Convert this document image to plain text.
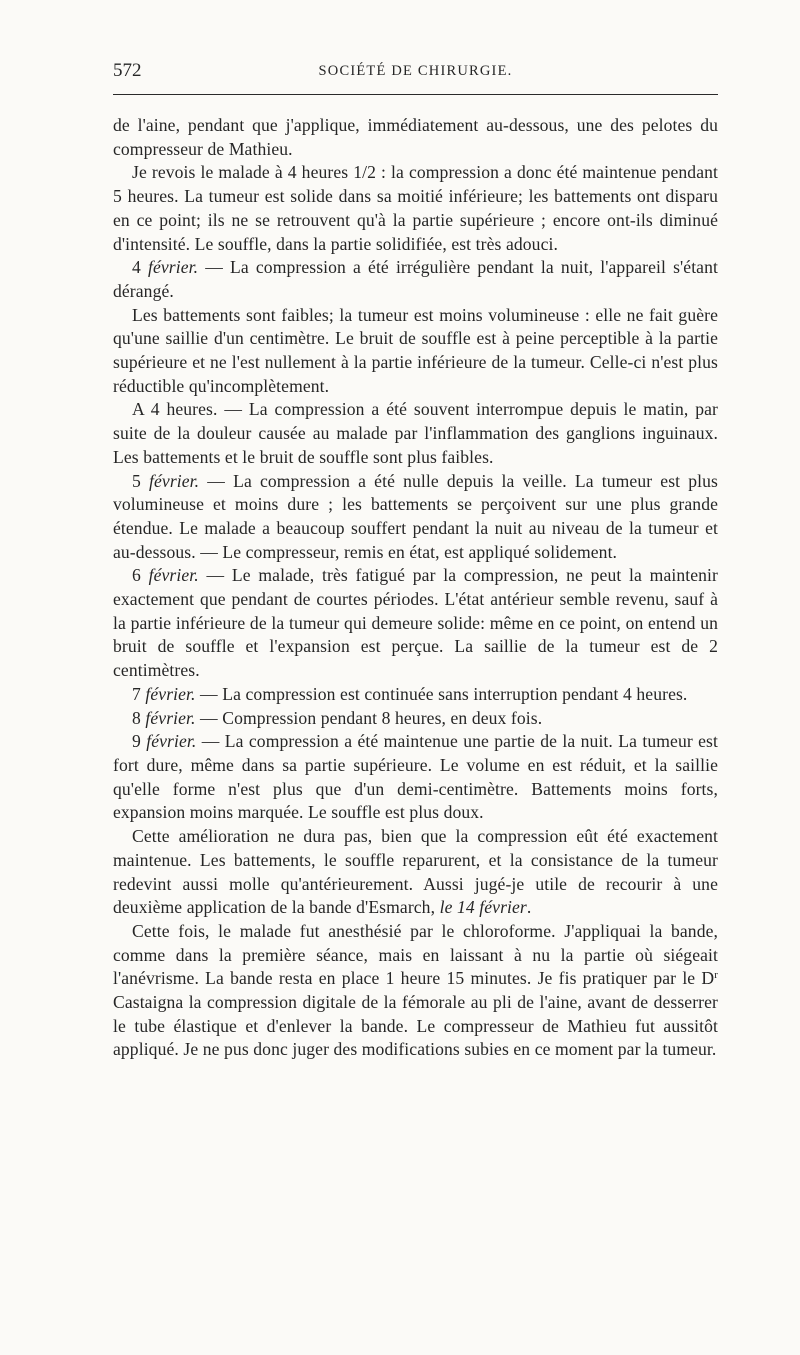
572	SOCIÉTÉ DE CHIRURGIE.

de l'aine, pendant que j'applique, immédiatement au-dessous, une des pelotes du compresseur de Mathieu.

Je revois le malade à 4 heures 1/2 : la compression a donc été maintenue pendant 5 heures. La tumeur est solide dans sa moitié inférieure; les battements ont disparu en ce point; ils ne se retrouvent qu'à la partie supérieure ; encore ont-ils diminué d'intensité. Le souffle, dans la partie solidifiée, est très adouci.

4 février. — La compression a été irrégulière pendant la nuit, l'appareil s'étant dérangé.

Les battements sont faibles; la tumeur est moins volumineuse : elle ne fait guère qu'une saillie d'un centimètre. Le bruit de souffle est à peine perceptible à la partie supérieure et ne l'est nullement à la partie inférieure de la tumeur. Celle-ci n'est plus réductible qu'incomplètement.

A 4 heures. — La compression a été souvent interrompue depuis le matin, par suite de la douleur causée au malade par l'inflammation des ganglions inguinaux. Les battements et le bruit de souffle sont plus faibles.

5 février. — La compression a été nulle depuis la veille. La tumeur est plus volumineuse et moins dure ; les battements se perçoivent sur une plus grande étendue. Le malade a beaucoup souffert pendant la nuit au niveau de la tumeur et au-dessous. — Le compresseur, remis en état, est appliqué solidement.

6 février. — Le malade, très fatigué par la compression, ne peut la maintenir exactement que pendant de courtes périodes. L'état antérieur semble revenu, sauf à la partie inférieure de la tumeur qui demeure solide: même en ce point, on entend un bruit de souffle et l'expansion est perçue. La saillie de la tumeur est de 2 centimètres.

7 février. — La compression est continuée sans interruption pendant 4 heures.

8 février. — Compression pendant 8 heures, en deux fois.

9 février. — La compression a été maintenue une partie de la nuit. La tumeur est fort dure, même dans sa partie supérieure. Le volume en est réduit, et la saillie qu'elle forme n'est plus que d'un demi-centimètre. Battements moins forts, expansion moins marquée. Le souffle est plus doux.

Cette amélioration ne dura pas, bien que la compression eût été exactement maintenue. Les battements, le souffle reparurent, et la consistance de la tumeur redevint aussi molle qu'antérieurement. Aussi jugé-je utile de recourir à une deuxième application de la bande d'Esmarch, le 14 février.

Cette fois, le malade fut anesthésié par le chloroforme. J'appliquai la bande, comme dans la première séance, mais en laissant à nu la partie où siégeait l'anévrisme. La bande resta en place 1 heure 15 minutes. Je fis pratiquer par le $D^r$ Castaigna la compression digitale de la fémorale au pli de l'aine, avant de desserrer le tube élastique et d'enlever la bande. Le compresseur de Mathieu fut aussitôt appliqué. Je ne pus donc juger des modifications subies en ce moment par la tumeur.
